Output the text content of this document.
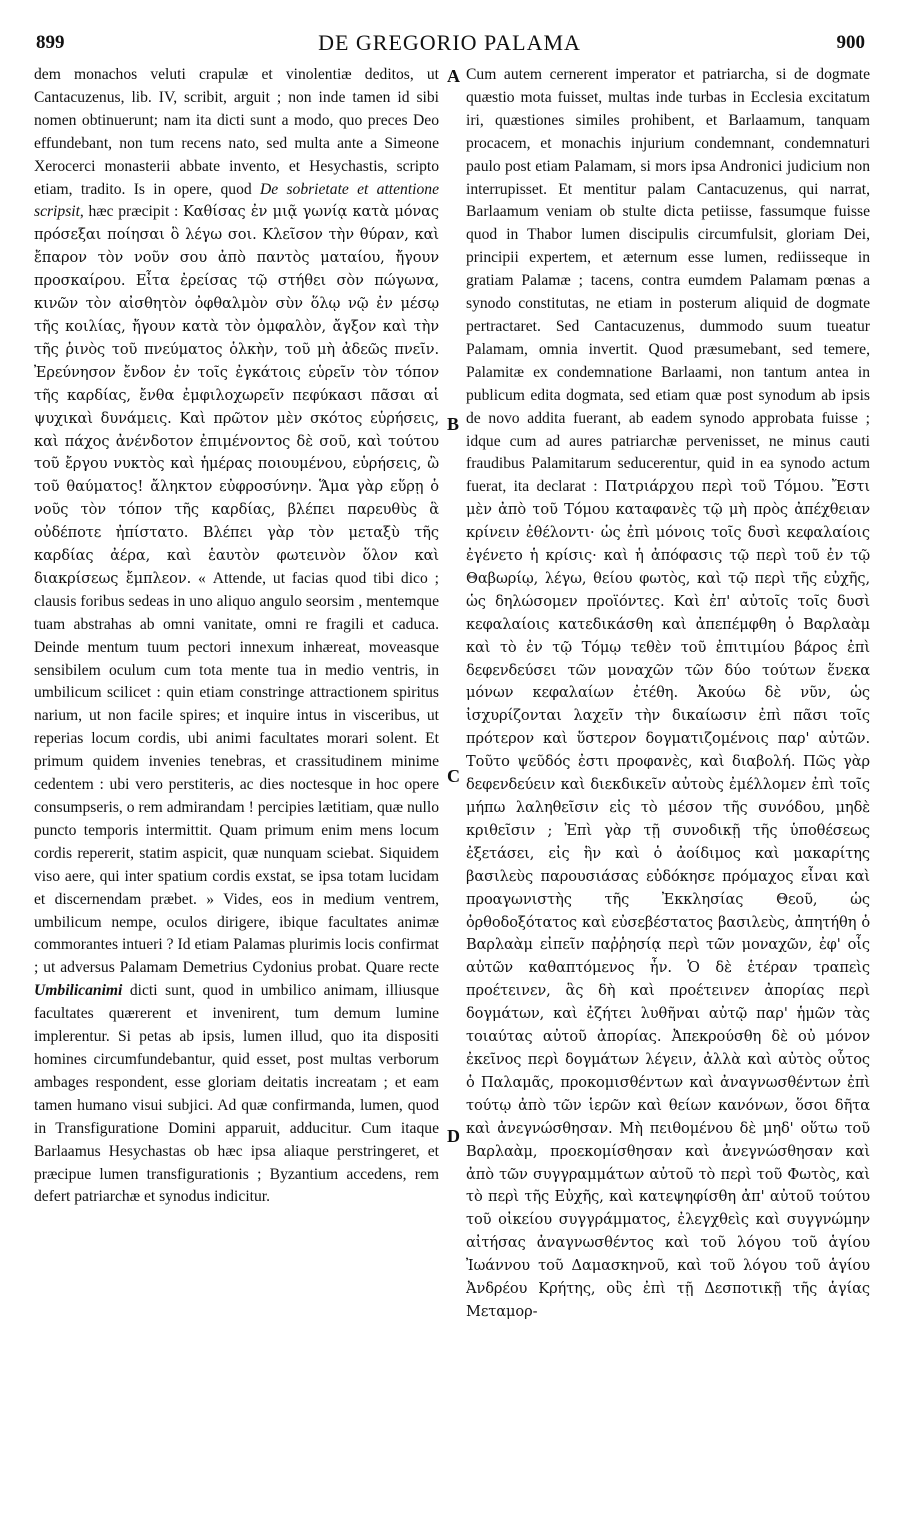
899	DE GREGORIO PALAMA	900

dem monachos veluti crapulæ et vinolentiæ deditos, ut Cantacuzenus, lib. IV, scribit, arguit ; non inde tamen id sibi nomen obtinuerunt; nam ita dicti sunt a modo, quo preces Deo effundebant, non tum recens nato, sed multa ante a Simeone Xerocerci monasterii abbate invento, et Hesychastis, scripto etiam, tradito. Is in opere, quod De sobrietate et attentione scripsit, hæc præcipit : Καθίσας ἐν μιᾷ γωνίᾳ κατὰ μόνας πρόσεξαι ποίησαι ὃ λέγω σοι. Κλεῖσον τὴν θύραν, καὶ ἔπαρον τὸν νοῦν σου ἀπὸ παντὸς ματαίου, ἤγουν προσκαίρου. Εἶτα ἐρείσας τῷ στήθει σὸν πώγωνα, κινῶν τὸν αἰσθητὸν ὀφθαλμὸν σὺν ὅλῳ νῷ ἐν μέσῳ τῆς κοιλίας, ἤγουν κατὰ τὸν ὀμφαλὸν, ἄγξον καὶ τὴν τῆς ῥινὸς τοῦ πνεύματος ὁλκὴν, τοῦ μὴ ἀδεῶς πνεῖν. Ἐρεύνησον ἔνδον ἐν τοῖς ἐγκάτοις εὑρεῖν τὸν τόπον τῆς καρδίας, ἔνθα ἐμφιλοχωρεῖν πεφύκασι πᾶσαι αἱ ψυχικαὶ δυνάμεις. Καὶ πρῶτον μὲν σκότος εὑρήσεις, καὶ πάχος ἀνένδοτον ἐπιμένοντος δὲ σοῦ, καὶ τούτου τοῦ ἔργου νυκτὸς καὶ ἡμέρας ποιουμένου, εὑρήσεις, ὢ τοῦ θαύματος! ἄληκτον εὐφροσύνην. Ἅμα γὰρ εὕρῃ ὁ νοῦς τὸν τόπον τῆς καρδίας, βλέπει παρευθὺς ἃ οὐδέποτε ἠπίστατο. Βλέπει γὰρ τὸν μεταξὺ τῆς καρδίας ἀέρα, καὶ ἑαυτὸν φωτεινὸν ὅλον καὶ διακρίσεως ἔμπλεον. « Attende, ut facias quod tibi dico ; clausis foribus sedeas in uno aliquo angulo seorsim , mentemque tuam abstrahas ab omni vanitate, omni re fragili et caduca. Deinde mentum tuum pectori innexum inhæreat, moveasque sensibilem oculum cum tota mente tua in medio ventris, in umbilicum scilicet : quin etiam constringe attractionem spiritus narium, ut non facile spires; et inquire intus in visceribus, ut reperias locum cordis, ubi animi facultates morari solent. Et primum quidem invenies tenebras, et crassitudinem minime cedentem : ubi vero perstiteris, ac dies noctesque in hoc opere consumpseris, o rem admirandam ! percipies lætitiam, quæ nullo puncto temporis intermittit. Quam primum enim mens locum cordis repererit, statim aspicit, quæ nunquam sciebat. Siquidem viso aere, qui inter spatium cordis exstat, se ipsa totam lucidam et discernendam præbet. » Vides, eos in medium ventrem, umbilicum nempe, oculos dirigere, ibique facultates animæ commorantes intueri ? Id etiam Palamas plurimis locis confirmat ; ut adversus Palamam Demetrius Cydonius probat. Quare recte Umbilicanimi dicti sunt, quod in umbilico animam, illiusque facultates quærerent et invenirent, tum demum lumine implerentur. Si petas ab ipsis, lumen illud, quo ita dispositi homines circumfundebantur, quid esset, post multas verborum ambages respondent, esse gloriam deitatis increatam ; et eam tamen humano visui subjici. Ad quæ confirmanda, lumen, quod in Transfiguratione Domini apparuit, adducitur. Cum itaque Barlaamus Hesychastas ob hæc ipsa aliaque perstringeret, et præcipue lumen transfigurationis ; Byzantium accedens, rem defert patriarchæ et synodus indicitur.

A
B
C
D

Cum autem cernerent imperator et patriarcha, si de dogmate quæstio mota fuisset, multas inde turbas in Ecclesia excitatum iri, quæstiones similes prohibent, et Barlaamum, tanquam procacem, et monachis injurium condemnant, condemnaturi paulo post etiam Palamam, si mors ipsa Andronici judicium non interrupisset. Et mentitur palam Cantacuzenus, qui narrat, Barlaamum veniam ob stulte dicta petiisse, fassumque fuisse quod in Thabor lumen discipulis circumfulsit, gloriam Dei, principii expertem, et æternum esse lumen, rediisseque in gratiam Palamæ ; tacens, contra eumdem Palamam pœnas a synodo constitutas, ne etiam in posterum aliquid de dogmate pertractaret. Sed Cantacuzenus, dummodo suum tueatur Palamam, omnia invertit. Quod præsumebant, sed temere, Palamitæ ex condemnatione Barlaami, non tantum antea in publicum edita dogmata, sed etiam quæ post synodum ab ipsis de novo addita fuerant, ab eadem synodo approbata fuisse ; idque cum ad aures patriarchæ pervenisset, ne minus cauti fraudibus Palamitarum seducerentur, quid in ea synodo actum fuerat, ita declarat : Πατριάρχου περὶ τοῦ Τόμου. Ἔστι μὲν ἀπὸ τοῦ Τόμου καταφανὲς τῷ μὴ πρὸς ἀπέχθειαν κρίνειν ἐθέλοντι· ὡς ἐπὶ μόνοις τοῖς δυσὶ κεφαλαίοις ἐγένετο ἡ κρίσις· καὶ ἡ ἀπόφασις τῷ περὶ τοῦ ἐν τῷ Θαβωρίῳ, λέγω, θείου φωτὸς, καὶ τῷ περὶ τῆς εὐχῆς, ὡς δηλώσομεν προϊόντες. Καὶ ἐπ' αὐτοῖς τοῖς δυσὶ κεφαλαίοις κατεδικάσθη καὶ ἀπεπέμφθη ὁ Βαρλαὰμ καὶ τὸ ἐν τῷ Τόμῳ τεθὲν τοῦ ἐπιτιμίου βάρος ἐπὶ δεφενδεύσει τῶν μοναχῶν τῶν δύο τούτων ἕνεκα μόνων κεφαλαίων ἐτέθη. Ἀκούω δὲ νῦν, ὡς ἰσχυρίζονται λαχεῖν τὴν δικαίωσιν ἐπὶ πᾶσι τοῖς πρότερον καὶ ὕστερον δογματιζομένοις παρ' αὐτῶν. Τοῦτο ψεῦδός ἐστι προφανὲς, καὶ διαβολή. Πῶς γὰρ δεφενδεύειν καὶ διεκδικεῖν αὐτοὺς ἐμέλλομεν ἐπὶ τοῖς μήπω λαληθεῖσιν εἰς τὸ μέσον τῆς συνόδου, μηδὲ κριθεῖσιν ; Ἐπὶ γὰρ τῇ συνοδικῇ τῆς ὑποθέσεως ἐξετάσει, εἰς ἣν καὶ ὁ ἀοίδιμος καὶ μακαρίτης βασιλεὺς παρουσιάσας εὐδόκησε πρόμαχος εἶναι καὶ προαγωνιστὴς τῆς Ἐκκλησίας Θεοῦ, ὡς ὀρθοδοξότατος καὶ εὐσεβέστατος βασιλεὺς, ἀπητήθη ὁ Βαρλαὰμ εἰπεῖν παῤῥησίᾳ περὶ τῶν μοναχῶν, ἐφ' οἷς αὐτῶν καθαπτόμενος ἦν. Ὁ δὲ ἑτέραν τραπεὶς προέτεινεν, ἃς δὴ καὶ προέτεινεν ἀπορίας περὶ δογμάτων, καὶ ἐζήτει λυθῆναι αὐτῷ παρ' ἡμῶν τὰς τοιαύτας αὐτοῦ ἀπορίας. Ἀπεκρούσθη δὲ οὐ μόνον ἐκεῖνος περὶ δογμάτων λέγειν, ἀλλὰ καὶ αὐτὸς οὗτος ὁ Παλαμᾶς, προκομισθέντων καὶ ἀναγνωσθέντων ἐπὶ τούτῳ ἀπὸ τῶν ἱερῶν καὶ θείων κανόνων, ὅσοι δῆτα καὶ ἀνεγνώσθησαν. Μὴ πειθομένου δὲ μηδ' οὕτω τοῦ Βαρλαὰμ, προεκομίσθησαν καὶ ἀνεγνώσθησαν καὶ ἀπὸ τῶν συγγραμμάτων αὐτοῦ τὸ περὶ τοῦ Φωτὸς, καὶ τὸ περὶ τῆς Εὐχῆς, καὶ κατεψηφίσθη ἀπ' αὐτοῦ τούτου τοῦ οἰκείου συγγράμματος, ἐλεγχθεὶς καὶ συγγνώμην αἰτήσας ἀναγνωσθέντος καὶ τοῦ λόγου τοῦ ἁγίου Ἰωάννου τοῦ Δαμασκηνοῦ, καὶ τοῦ λόγου τοῦ ἁγίου Ἀνδρέου Κρήτης, οὓς ἐπὶ τῇ Δεσποτικῇ τῆς ἁγίας Μεταμορ-
